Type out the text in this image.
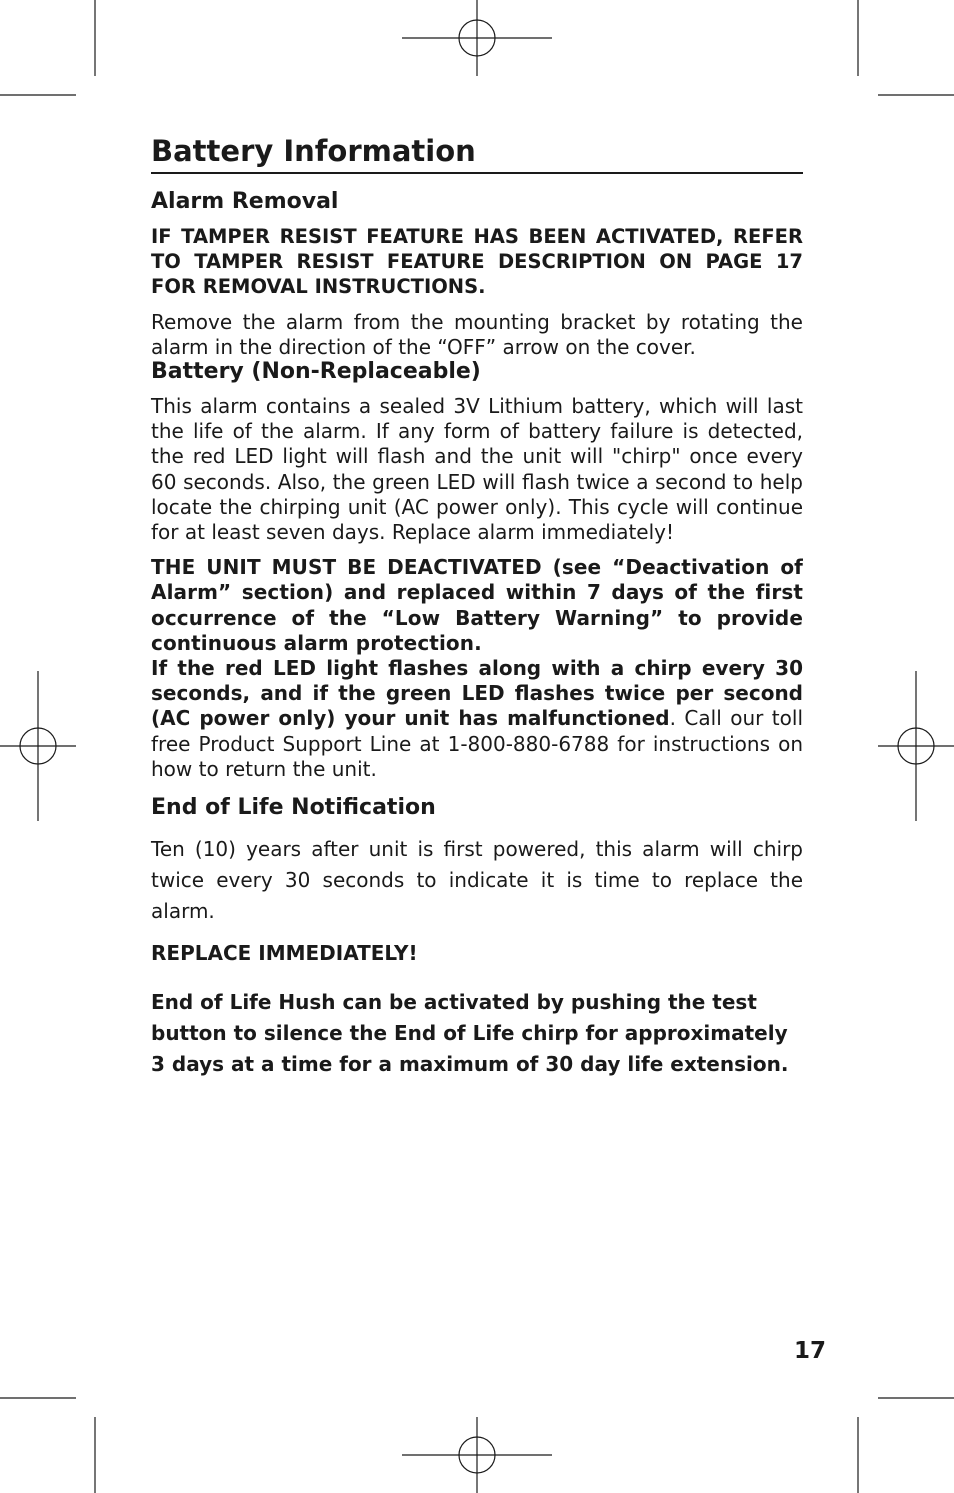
Battery Information
Alarm Removal

IF TAMPER RESIST FEATURE HAS BEEN ACTIVATED, REFER TO TAMPER RESIST FEATURE DESCRIPTION ON PAGE 17 FOR REMOVAL INSTRUCTIONS.

Remove the alarm from the mounting bracket by rotating the alarm in the direction of the “OFF” arrow on the cover.

Battery (Non-Replaceable)

This alarm contains a sealed 3V Lithium battery, which will last the life of the alarm. If any form of battery failure is detected, the red LED light will flash and the unit will "chirp" once every 60 seconds. Also, the green LED will flash twice a second to help locate the chirping unit (AC power only). This cycle will continue for at least seven days. Replace alarm immediately!

THE UNIT MUST BE DEACTIVATED (see “Deactivation of Alarm” section) and replaced within 7 days of the first occurrence of the “Low Battery Warning” to provide continuous alarm protection.

If the red LED light flashes along with a chirp every 30 seconds, and if the green LED flashes twice per second (AC power only) your unit has malfunctioned. Call our toll free Product Support Line at 1-800-880-6788 for instructions on how to return the unit.

End of Life Notification

Ten (10) years after unit is first powered, this alarm will chirp twice every 30 seconds to indicate it is time to replace the alarm.

REPLACE IMMEDIATELY!

End of Life Hush can be activated by pushing the test button to silence the End of Life chirp for approximately 3 days at a time for a maximum of 30 day life extension.

17
